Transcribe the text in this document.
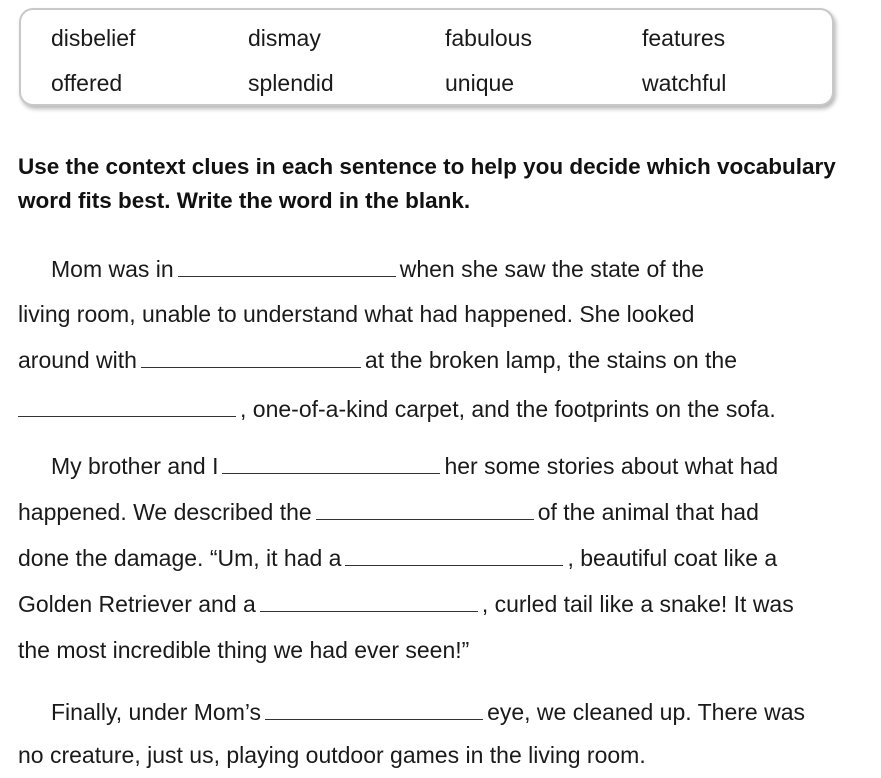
disbelief	dismay	fabulous	features
offered	splendid	unique	watchful
Use the context clues in each sentence to help you decide which vocabulary word fits best. Write the word in the blank.
Mom was in	when she saw the state of the
living room, unable to understand what had happened. She looked
around with	at the broken lamp, the stains on the
, one-of-a-kind carpet, and the footprints on the sofa.
My brother and I	her some stories about what had
happened. We described the	of the animal that had
done the damage. “Um, it had a	, beautiful coat like a
Golden Retriever and a	, curled tail like a snake! It was
the most incredible thing we had ever seen!”
Finally, under Mom’s	eye, we cleaned up. There was
no creature, just us, playing outdoor games in the living room.
